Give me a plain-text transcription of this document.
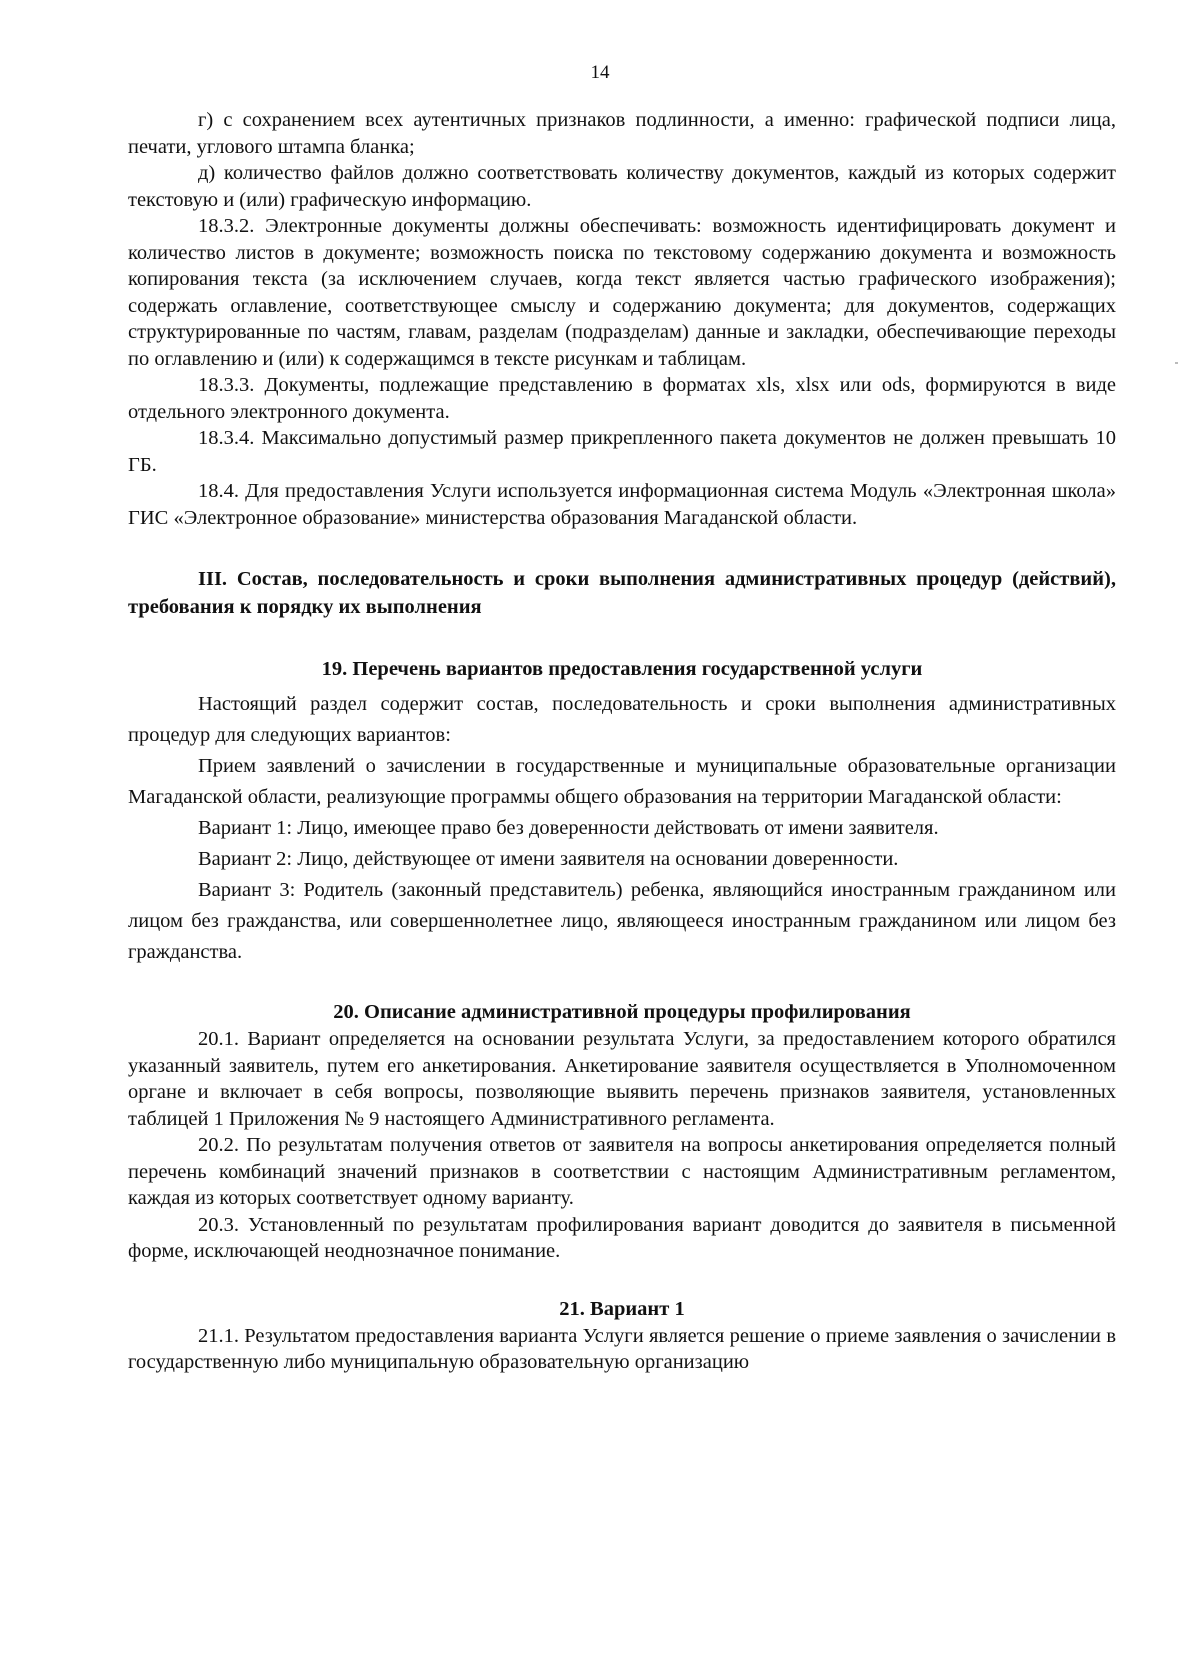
14

г) с сохранением всех аутентичных признаков подлинности, а именно: графической подписи лица, печати, углового штампа бланка;

д) количество файлов должно соответствовать количеству документов, каждый из которых содержит текстовую и (или) графическую информацию.

18.3.2. Электронные документы должны обеспечивать: возможность идентифицировать документ и количество листов в документе; возможность поиска по текстовому содержанию документа и возможность копирования текста (за исключением случаев, когда текст является частью графического изображения); содержать оглавление, соответствующее смыслу и содержанию документа; для документов, содержащих структурированные по частям, главам, разделам (подразделам) данные и закладки, обеспечивающие переходы по оглавлению и (или) к содержащимся в тексте рисункам и таблицам.

18.3.3. Документы, подлежащие представлению в форматах xls, xlsx или ods, формируются в виде отдельного электронного документа.

18.3.4. Максимально допустимый размер прикрепленного пакета документов не должен превышать 10 ГБ.

18.4. Для предоставления Услуги используется информационная система Модуль «Электронная школа» ГИС «Электронное образование» министерства образования Магаданской области.

III. Состав, последовательность и сроки выполнения административных процедур (действий), требования к порядку их выполнения

19. Перечень вариантов предоставления государственной услуги

Настоящий раздел содержит состав, последовательность и сроки выполнения административных процедур для следующих вариантов:

Прием заявлений о зачислении в государственные и муниципальные образовательные организации Магаданской области, реализующие программы общего образования на территории Магаданской области:

Вариант 1: Лицо, имеющее право без доверенности действовать от имени заявителя.

Вариант 2: Лицо, действующее от имени заявителя на основании доверенности.

Вариант 3: Родитель (законный представитель) ребенка, являющийся иностранным гражданином или лицом без гражданства, или совершеннолетнее лицо, являющееся иностранным гражданином или лицом без гражданства.

20. Описание административной процедуры профилирования

20.1. Вариант определяется на основании результата Услуги, за предоставлением которого обратился указанный заявитель, путем его анкетирования. Анкетирование заявителя осуществляется в Уполномоченном органе и включает в себя вопросы, позволяющие выявить перечень признаков заявителя, установленных таблицей 1 Приложения № 9 настоящего Административного регламента.

20.2. По результатам получения ответов от заявителя на вопросы анкетирования определяется полный перечень комбинаций значений признаков в соответствии с настоящим Административным регламентом, каждая из которых соответствует одному варианту.

20.3. Установленный по результатам профилирования вариант доводится до заявителя в письменной форме, исключающей неоднозначное понимание.

21. Вариант 1

21.1. Результатом предоставления варианта Услуги является решение о приеме заявления о зачислении в государственную либо муниципальную образовательную организацию
